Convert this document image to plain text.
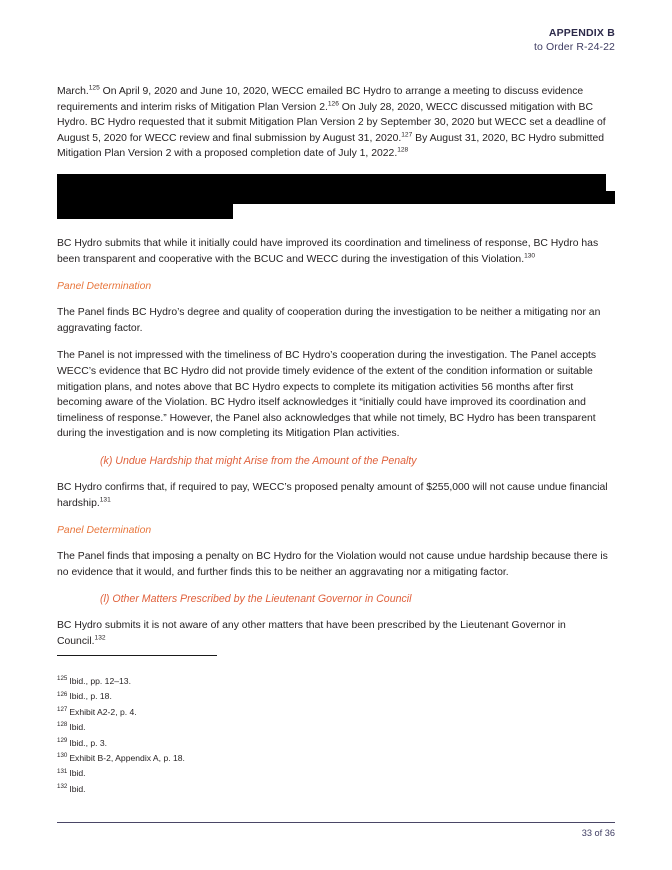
APPENDIX B
to Order R-24-22

March.$^{125}$ On April 9, 2020 and June 10, 2020, WECC emailed BC Hydro to arrange a meeting to discuss evidence requirements and interim risks of Mitigation Plan Version 2.$^{126}$ On July 28, 2020, WECC discussed mitigation with BC Hydro. BC Hydro requested that it submit Mitigation Plan Version 2 by September 30, 2020 but WECC set a deadline of August 5, 2020 for WECC review and final submission by August 31, 2020.$^{127}$ By August 31, 2020, BC Hydro submitted Mitigation Plan Version 2 with a proposed completion date of July 1, 2022.$^{128}$

BC Hydro submits that while it initially could have improved its coordination and timeliness of response, BC Hydro has been transparent and cooperative with the BCUC and WECC during the investigation of this Violation.$^{130}$

Panel Determination

The Panel finds BC Hydro’s degree and quality of cooperation during the investigation to be neither a mitigating nor an aggravating factor.

The Panel is not impressed with the timeliness of BC Hydro’s cooperation during the investigation. The Panel accepts WECC’s evidence that BC Hydro did not provide timely evidence of the extent of the condition information or suitable mitigation plans, and notes above that BC Hydro expects to complete its mitigation activities 56 months after first becoming aware of the Violation. BC Hydro itself acknowledges it “initially could have improved its coordination and timeliness of response.” However, the Panel also acknowledges that while not timely, BC Hydro has been transparent during the investigation and is now completing its Mitigation Plan activities.

(k) Undue Hardship that might Arise from the Amount of the Penalty

BC Hydro confirms that, if required to pay, WECC’s proposed penalty amount of $255,000 will not cause undue financial hardship.$^{131}$

Panel Determination

The Panel finds that imposing a penalty on BC Hydro for the Violation would not cause undue hardship because there is no evidence that it would, and further finds this to be neither an aggravating nor a mitigating factor.

(l) Other Matters Prescribed by the Lieutenant Governor in Council

BC Hydro submits it is not aware of any other matters that have been prescribed by the Lieutenant Governor in Council.$^{132}$

$^{125}$ Ibid., pp. 12–13.
$^{126}$ Ibid., p. 18.
$^{127}$ Exhibit A2-2, p. 4.
$^{128}$ Ibid.
$^{129}$ Ibid., p. 3.
$^{130}$ Exhibit B-2, Appendix A, p. 18.
$^{131}$ Ibid.
$^{132}$ Ibid.
33 of 36
